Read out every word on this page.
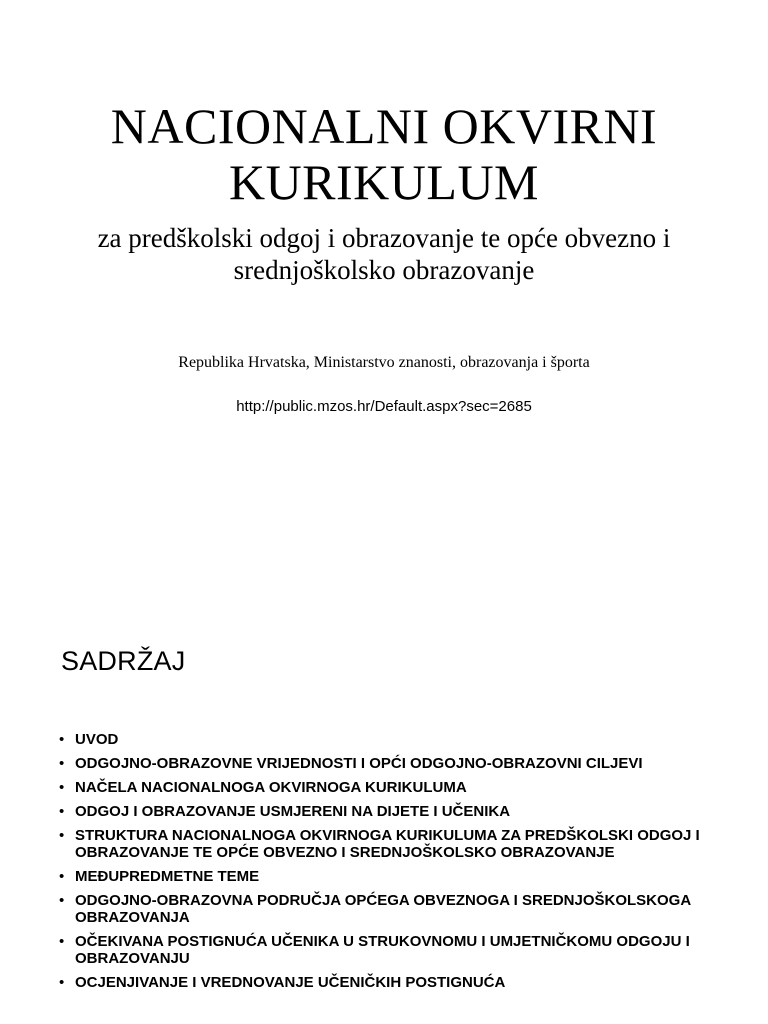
NACIONALNI OKVIRNI KURIKULUM

za predškolski odgoj i obrazovanje te opće obvezno i srednjoškolsko obrazovanje

Republika Hrvatska, Ministarstvo znanosti, obrazovanja i športa
http://public.mzos.hr/Default.aspx?sec=2685
SADRŽAJ
• UVOD
• ODGOJNO-OBRAZOVNE VRIJEDNOSTI I OPĆI ODGOJNO-OBRAZOVNI CILJEVI
• NAČELA NACIONALNOGA OKVIRNOGA KURIKULUMA
• ODGOJ I OBRAZOVANJE USMJERENI NA DIJETE I UČENIKA
• STRUKTURA NACIONALNOGA OKVIRNOGA KURIKULUMA ZA PREDŠKOLSKI ODGOJ I OBRAZOVANJE TE OPĆE OBVEZNO I SREDNJOŠKOLSKO OBRAZOVANJE
• MEĐUPREDMETNE TEME
• ODGOJNO-OBRAZOVNA PODRUČJA OPĆEGA OBVEZNOGA I SREDNJOŠKOLSKOGA OBRAZOVANJA
• OČEKIVANA POSTIGNUĆA UČENIKA U STRUKOVNOMU I UMJETNIČKOMU ODGOJU I OBRAZOVANJU
• OCJENJIVANJE I VREDNOVANJE UČENIČKIH POSTIGNUĆA
